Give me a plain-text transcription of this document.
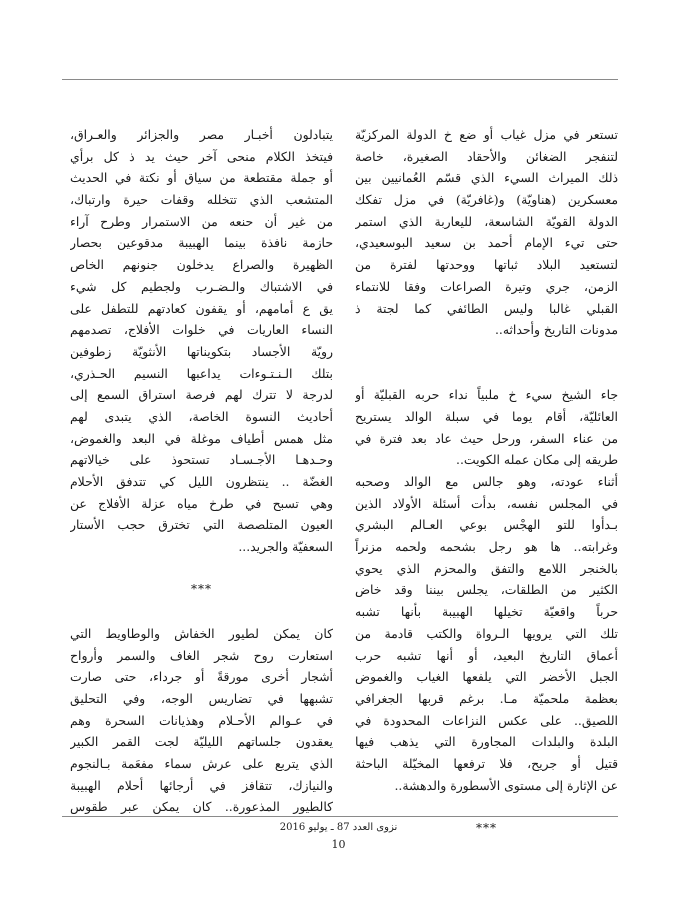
تستعر في ‌مزل غياب أو ضع خ الدولة المركزيّة
لتنفجر الضغائن والأحقاد الصغيرة، خاصة
ذلك الميراث السيء الذي قسّم العُمانيين بين
معسكرين (هناويّة) و(غافريّة) في ‌مزل تفكك
الدولة القويّة الشاسعة، لليعاربة الذي استمر
حتى ‌تيء الإمام أحمد بن سعيد البوسعيدي،
لتستعيد البلاد ثباتها ووحدتها لفترة من
الزمن، ‌جري وتيرة الصراعات وفقا للانتماء
القبلي غالبا وليس الطائفي كما لجتة‌ ذ
مدونات التاريخ وأحداثه..
جاء الشيخ سيء خ ملبياً نداء حربه القبليّة أو
العائليّة، أقام يوما في سبلة الوالد يستريح
من عناء السفر، ورحل حيث عاد بعد فترة في
طريقه إلى مكان عمله الكويت..
أثناء عودته، وهو جالس مع الوالد وصحبه
في المجلس نفسه، بدأت أسئلة الأولاد الذين
بـدأوا للتو الهجْس بوعي العـالم البشري
وغرابته.. ها هو رجل بشحمه ولحمه مزنراً
بالخنجر اللامع والتفق والمحزم الذي يحوي
الكثير من الطلقات، يجلس بيننا وقد خاض
حرباً واقعيّة تخيلها الهبيبة بأنها تشبه
تلك التي يرويها الـرواة والكتب قادمة من
أعماق التاريخ البعيد، أو أنها تشبه حرب
الجبل الأخضر التي يلفعها الغياب والغموض
بعظمة ملحميّة مـا. برغم قربها الجغرافي
اللصيق.. على عكس النزاعات المحدودة في
البلدة والبلدات المجاورة التي يذهب فيها
قتيل أو جريح، فلا ترفعها المخيّلة الباحثة
عن الإثارة إلى مستوى الأسطورة والدهشة..
***
يتبادلون أخبـار مصر والجزائر والعـراق،
فيتخذ الكلام منحى آخر حيث يد ذ كل برأي
أو جملة مقتطعة من سياق أو نكتة في الحديث
المتشعب الذي تتخلله وقفات حيرة وارتباك،
من غير أن ‌حنعه من الاستمرار وطرح آراء
حازمة نافذة بينما الهبيبة مدقوعين بحصار
الظهيرة والصراع يدخلون جنونهم الخاص
في الاشتباك والـضـرب ولجطيم كل شيء
يق ع أمامهم، أو يقفون كعادتهم للتطفل على
النساء العاريات في خلوات الأفلاج، تصدمهم
رويّة الأجساد بتكويناتها الأنثويّة زطوفين
بتلك الـنـتـوءات يداعبها النسيم الحـذري،
لدرجة لا تترك لهم فرصة استراق السمع إلى
أحاديث النسوة الخاصة، الذي يتبدى لهم
مثل همس أطياف موغلة في البعد والغموض،
وحـدهـا الأجـسـاد تستحوذ على خيالاتهم
الغضّة .. ينتظرون الليل كي تتدفق الأحلام
وهي تسبح في طرخ مياه عزلة الأفلاج عن
العيون المتلصصة التي تخترق حجب الأستار
السعفيّة والجريد...
***
كان يمكن لطيور الخفاش والوطاويط التي
استعارت روح شجر الغاف والسمر وأرواح
أشجار أخرى مورقةً أو جرداء، حتى صارت
تشبهها في تضاريس الوجه، وفي التحليق
في عـوالم الأحـلام وهذيانات السحرة وهم
يعقدون جلساتهم الليليّة لجت القمر الكبير
الذي يتربع على عرش سماء مفعَمة بـالنجوم
والنيازك، تتقافز في أرجائها أحلام الهبيبة
كالطيور المذعورة.. كان يمكن عبر طقوس
نزوى العدد 87 ـ يوليو 2016
10
